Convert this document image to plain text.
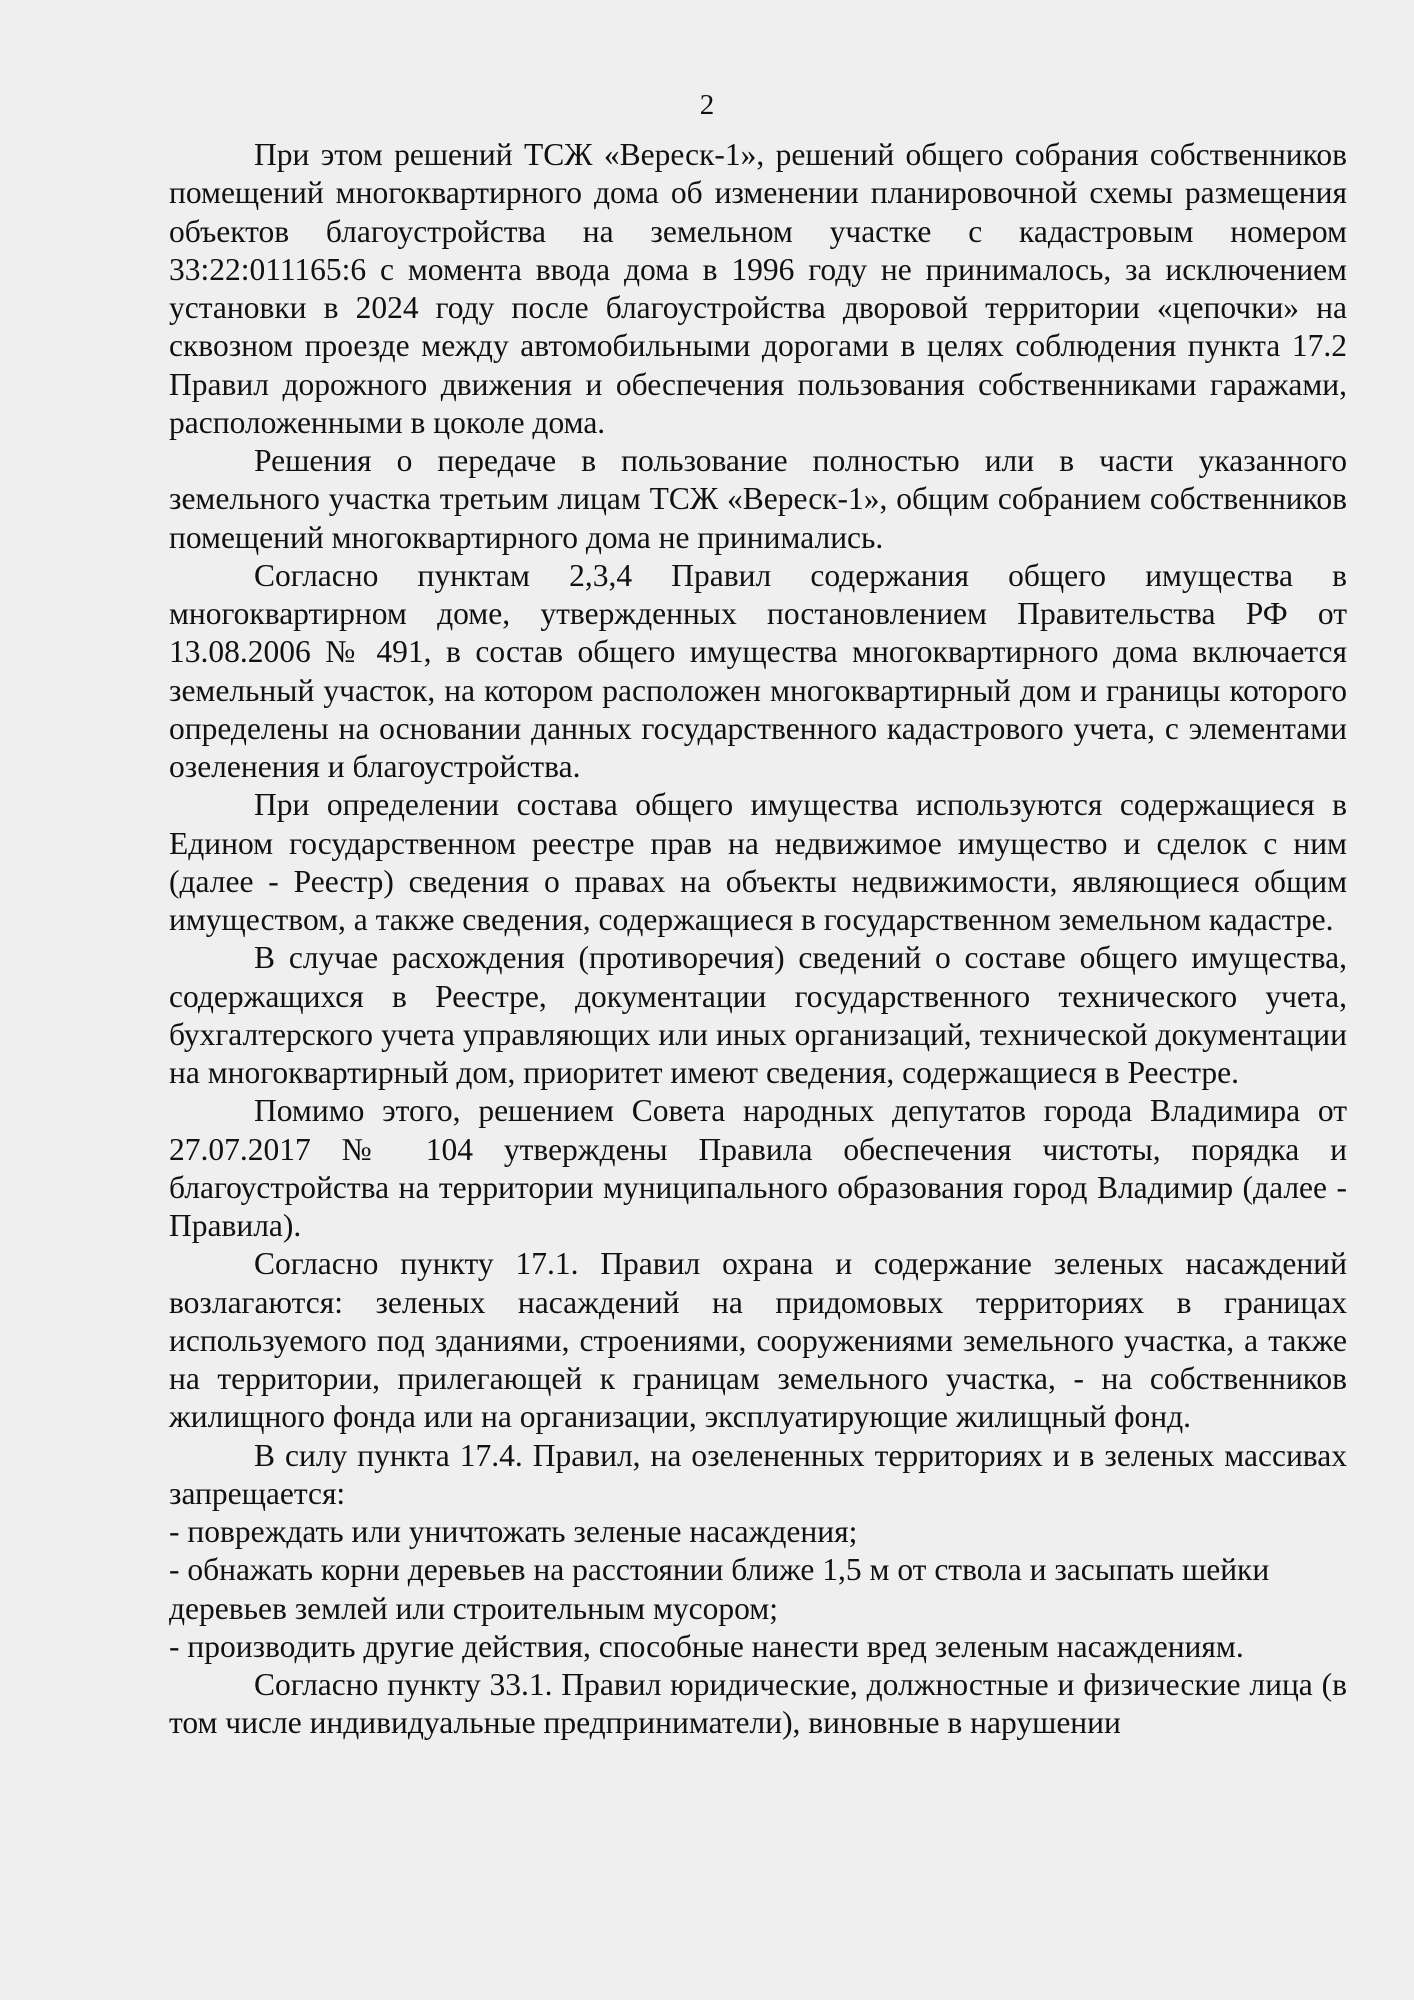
2

При этом решений ТСЖ «Вереск-1», решений общего собрания собственников помещений многоквартирного дома об изменении планировочной схемы размещения объектов благоустройства на земельном участке с кадастровым номером 33:22:011165:6 с момента ввода дома в 1996 году не принималось, за исключением установки в 2024 году после благоустройства дворовой территории «цепочки» на сквозном проезде между автомобильными дорогами в целях соблюдения пункта 17.2 Правил дорожного движения и обеспечения пользования собственниками гаражами, расположенными в цоколе дома.

Решения о передаче в пользование полностью или в части указанного земельного участка третьим лицам ТСЖ «Вереск-1», общим собранием собственников помещений многоквартирного дома не принимались.

Согласно пунктам 2,3,4 Правил содержания общего имущества в многоквартирном доме, утвержденных постановлением Правительства РФ от 13.08.2006 № 491, в состав общего имущества многоквартирного дома включается земельный участок, на котором расположен многоквартирный дом и границы которого определены на основании данных государственного кадастрового учета, с элементами озеленения и благоустройства.

При определении состава общего имущества используются содержащиеся в Едином государственном реестре прав на недвижимое имущество и сделок с ним (далее - Реестр) сведения о правах на объекты недвижимости, являющиеся общим имуществом, а также сведения, содержащиеся в государственном земельном кадастре.

В случае расхождения (противоречия) сведений о составе общего имущества, содержащихся в Реестре, документации государственного технического учета, бухгалтерского учета управляющих или иных организаций, технической документации на многоквартирный дом, приоритет имеют сведения, содержащиеся в Реестре.

Помимо этого, решением Совета народных депутатов города Владимира от 27.07.2017 № 104 утверждены Правила обеспечения чистоты, порядка и благоустройства на территории муниципального образования город Владимир (далее - Правила).

Согласно пункту 17.1. Правил охрана и содержание зеленых насаждений возлагаются: зеленых насаждений на придомовых территориях в границах используемого под зданиями, строениями, сооружениями земельного участка, а также на территории, прилегающей к границам земельного участка, - на собственников жилищного фонда или на организации, эксплуатирующие жилищный фонд.

В силу пункта 17.4. Правил, на озелененных территориях и в зеленых массивах запрещается:

- повреждать или уничтожать зеленые насаждения;

- обнажать корни деревьев на расстоянии ближе 1,5 м от ствола и засыпать шейки деревьев землей или строительным мусором;

- производить другие действия, способные нанести вред зеленым насаждениям.

Согласно пункту 33.1. Правил юридические, должностные и физические лица (в том числе индивидуальные предприниматели), виновные в нарушении
